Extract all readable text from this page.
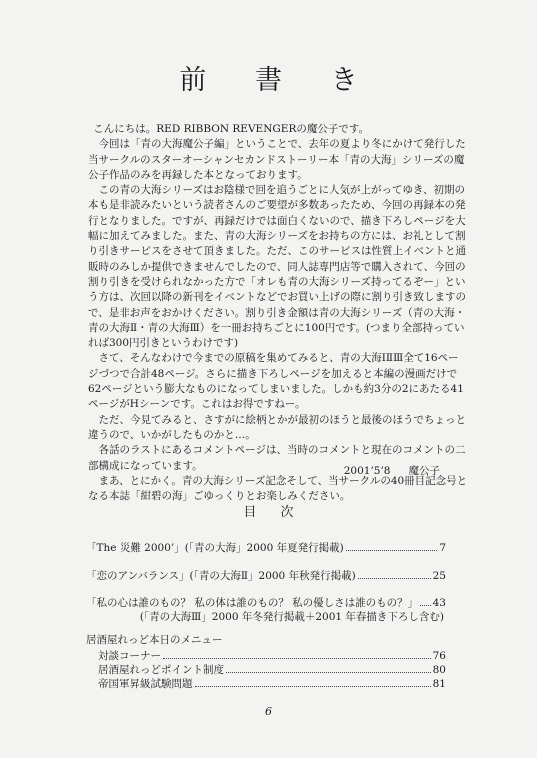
前 書 き

こんにちは。RED RIBBON REVENGERの魔公子です。

今回は「青の大海魔公子編」ということで、去年の夏より冬にかけて発行した当サークルのスターオーシャンセカンドストーリー本「青の大海」シリーズの魔公子作品のみを再録した本となっております。

この青の大海シリーズはお陰様で回を追うごとに人気が上がってゆき、初期の本も是非読みたいという読者さんのご要望が多数あったため、今回の再録本の発行となりました。ですが、再録だけでは面白くないので、描き下ろしページを大幅に加えてみました。また、青の大海シリーズをお持ちの方には、お礼として割り引きサービスをさせて頂きました。ただ、このサービスは性質上イベントと通販時のみしか提供できませんでしたので、同人誌専門店等で購入されて、今回の割り引きを受けられなかった方で「オレも青の大海シリーズ持ってるぞー」という方は、次回以降の新刊をイベントなどでお買い上げの際に割り引き致しますので、是非お声をおかけください。割り引き金額は青の大海シリーズ（青の大海・青の大海Ⅱ・青の大海Ⅲ）を一冊お持ちごとに100円です。(つまり全部持っていれば300円引きというわけです)

さて、そんなわけで今までの原稿を集めてみると、青の大海ⅠⅡⅢ全て16ページづつで合計48ページ。さらに描き下ろしページを加えると本編の漫画だけで62ページという膨大なものになってしまいました。しかも約3分の2にあたる41ページがHシーンです。これはお得ですねー。

ただ、今見てみると、さすがに絵柄とかが最初のほうと最後のほうでちょっと違うので、いかがしたものかと…。

各話のラストにあるコメントページは、当時のコメントと現在のコメントの二部構成になっています。

まあ、とにかく。青の大海シリーズ記念そして、当サークルの40冊目記念号となる本誌「紺碧の海」ごゆっくりとお楽しみください。

2001’5’8 魔公子
目 次
「The 災難 2000’」(「青の大海」2000 年夏発行掲載)	7
「恋のアンバランス」(「青の大海Ⅱ」2000 年秋発行掲載)	25
「私の心は誰のもの？ 私の体は誰のもの？ 私の優しさは誰のもの？」 43
(「青の大海Ⅲ」2000 年冬発行掲載＋2001 年春描き下ろし含む)
居酒屋れっど本日のメニュー
対談コーナー	76
居酒屋れっどポイント制度	80
帝国軍昇級試験問題	81
6
